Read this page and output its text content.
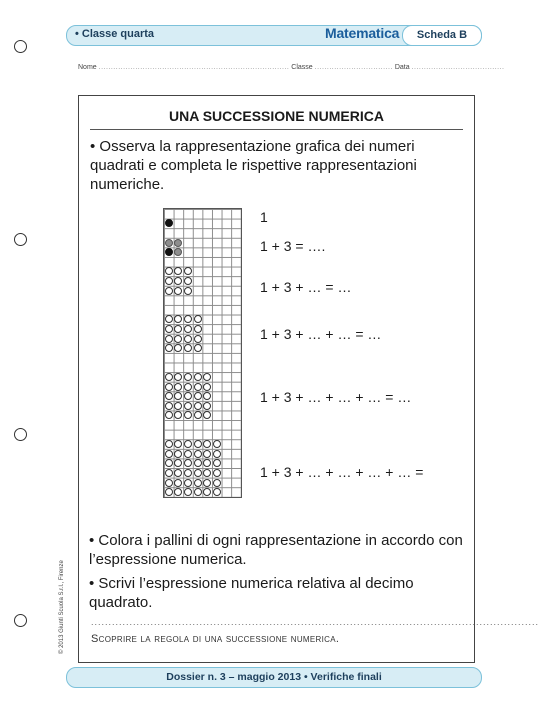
• Classe quarta	Matematica	Scheda B
Nome .............................................................................. Classe ................................ Data ......................................
UNA SUCCESSIONE NUMERICA
• Osserva la rappresentazione grafica dei numeri quadrati e completa le rispettive rappresentazioni numeriche.
1
1 + 3 = ….
1 + 3 + … = …
1 + 3 + … + … = …
1 + 3 + … + … + … = …
1 + 3 + … + … + … + … =
• Colora i pallini di ogni rappresentazione in accordo con l’espressione numerica.
• Scrivi l’espressione numerica relativa al decimo quadrato.
................................................................................................................................
Scoprire la regola di una successione numerica.
© 2013 Giunti Scuola S.r.l., Firenze
Dossier n. 3 – maggio 2013 • Verifiche finali
